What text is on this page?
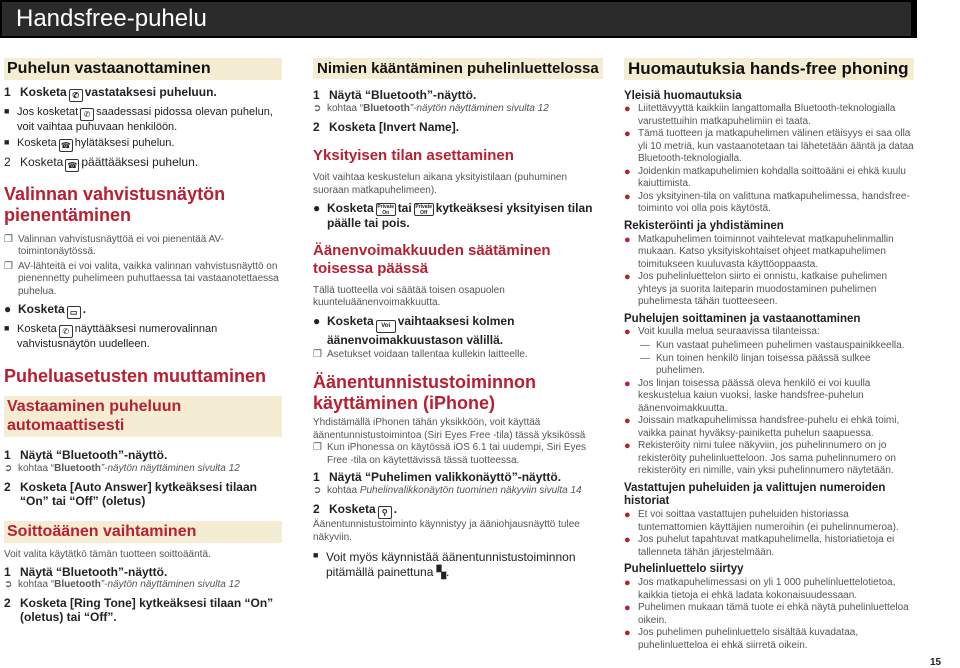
Handsfree-puhelu
Puhelun vastaanottaminen
1 Kosketa ✆ vastataksesi puheluun.
■ Jos kosketat ✆ saadessasi pidossa olevan puhelun, voit vaihtaa puhuvaan henkilöön.
■ Kosketa ☎ hylätäksesi puhelun.
2 Kosketa ☎ päättääksesi puhelun.
Valinnan vahvistusnäytön pienentäminen
❐ Valinnan vahvistusnäyttöä ei voi pienentää AV-toimintonäytössä.
❐ AV-lähteitä ei voi valita, vaikka valinnan vahvistusnäyttö on pienennetty puhelimeen puhuttaessa tai vastaanotettaessa puhelua.
● Kosketa ▭ .
■ Kosketa ✆ näyttääksesi numerovalinnan vahvistusnäytön uudelleen.
Puheluasetusten muuttaminen
Vastaaminen puheluun automaattisesti
1 Näytä “Bluetooth”-näyttö.
➲ kohtaa “Bluetooth”-näytön näyttäminen sivulta 12
2 Kosketa [Auto Answer] kytkeäksesi tilaan “On” tai “Off” (oletus)
Soittoäänen vaihtaminen
Voit valita käytätkö tämän tuotteen soittoääntä.
1 Näytä “Bluetooth”-näyttö.
➲ kohtaa “Bluetooth”-näytön näyttäminen sivulta 12
2 Kosketa [Ring Tone] kytkeäksesi tilaan “On” (oletus) tai “Off”.
Nimien kääntäminen puhelinluettelossa
1 Näytä “Bluetooth”-näyttö.
➲ kohtaa “Bluetooth”-näytön näyttäminen sivulta 12
2 Kosketa [Invert Name].
Yksityisen tilan asettaminen
Voit vaihtaa keskustelun aikana yksityistilaan (puhuminen suoraan matkapuhelimeen).
● Kosketa Private On tai Private Off kytkeäksesi yksityisen tilan päälle tai pois.
Äänenvoimakkuuden säätäminen toisessa päässä
Tällä tuotteella voi säätää toisen osapuolen kuunteluäänenvoimakkuutta.
● Kosketa Voi vaihtaaksesi kolmen äänenvoimakkuustason välillä.
❐ Asetukset voidaan tallentaa kullekin laitteelle.
Äänentunnistustoiminnon käyttäminen (iPhone)
Yhdistämällä iPhonen tähän yksikköön, voit käyttää äänentunnistustoimintoa (Siri Eyes Free -tila) tässä yksikössä
❐ Kun iPhonessa on käytössä iOS 6.1 tai uudempi, Siri Eyes Free -tila on käytettävissä tässä tuotteessa.
1 Näytä “Puhelimen valikkonäyttö”-näyttö.
➲ kohtaa Puhelinvalikkonäytön tuominen näkyviin sivulta 14
2 Kosketa ⚲ .
Äänentunnistustoiminto käynnistyy ja ääniohjausnäyttö tulee näkyviin.
■ Voit myös käynnistää äänentunnistustoiminnon pitämällä painettuna ▚.
Huomautuksia hands-free phoning
Yleisiä huomautuksia
● Liitettävyyttä kaikkiin langattomalla Bluetooth-teknologialla varustettuihin matkapuhelimiin ei taata.
● Tämä tuotteen ja matkapuhelimen välinen etäisyys ei saa olla yli 10 metriä, kun vastaanotetaan tai lähetetään ääntä ja dataa Bluetooth-teknologialla.
● Joidenkin matkapuhelimien kohdalla soittoääni ei ehkä kuulu kaiuttimista.
● Jos yksityinen-tila on valittuna matkapuhelimessa, handsfree-toiminto voi olla pois käytöstä.
Rekisteröinti ja yhdistäminen
● Matkapuhelimen toiminnot vaihtelevat matkapuhelinmallin mukaan. Katso yksityiskohtaiset ohjeet matkapuhelimen toimitukseen kuuluvasta käyttöoppaasta.
● Jos puhelinluettelon siirto ei onnistu, katkaise puhelimen yhteys ja suorita laiteparin muodostaminen puhelimen puhelimesta tähän tuotteeseen.
Puhelujen soittaminen ja vastaanottaminen
● Voit kuulla melua seuraavissa tilanteissa:
— Kun vastaat puhelimeen puhelimen vastauspainikkeella.
— Kun toinen henkilö linjan toisessa päässä sulkee puhelimen.
● Jos linjan toisessa päässä oleva henkilö ei voi kuulla keskustelua kaiun vuoksi, laske handsfree-puhelun äänenvoimakkuutta.
● Joissain matkapuhelimissa handsfree-puhelu ei ehkä toimi, vaikka painat hyväksy-painiketta puhelun saapuessa.
● Rekisteröity nimi tulee näkyviin, jos puhelinnumero on jo rekisteröity puhelinluetteloon. Jos sama puhelinnumero on rekisteröity eri nimille, vain yksi puhelinnumero näytetään.
Vastattujen puheluiden ja valittujen numeroiden historiat
● Et voi soittaa vastattujen puheluiden historiassa tuntemattomien käyttäjien numeroihin (ei puhelinnumeroa).
● Jos puhelut tapahtuvat matkapuhelimella, historiatietoja ei tallenneta tähän järjestelmään.
Puhelinluettelo siirtyy
● Jos matkapuhelimessasi on yli 1 000 puhelinluettelotietoa, kaikkia tietoja ei ehkä ladata kokonaisuudessaan.
● Puhelimen mukaan tämä tuote ei ehkä näytä puhelinluetteloa oikein.
● Jos puhelimen puhelinluettelo sisältää kuvadataa, puhelinluetteloa ei ehkä siirretä oikein.
15
